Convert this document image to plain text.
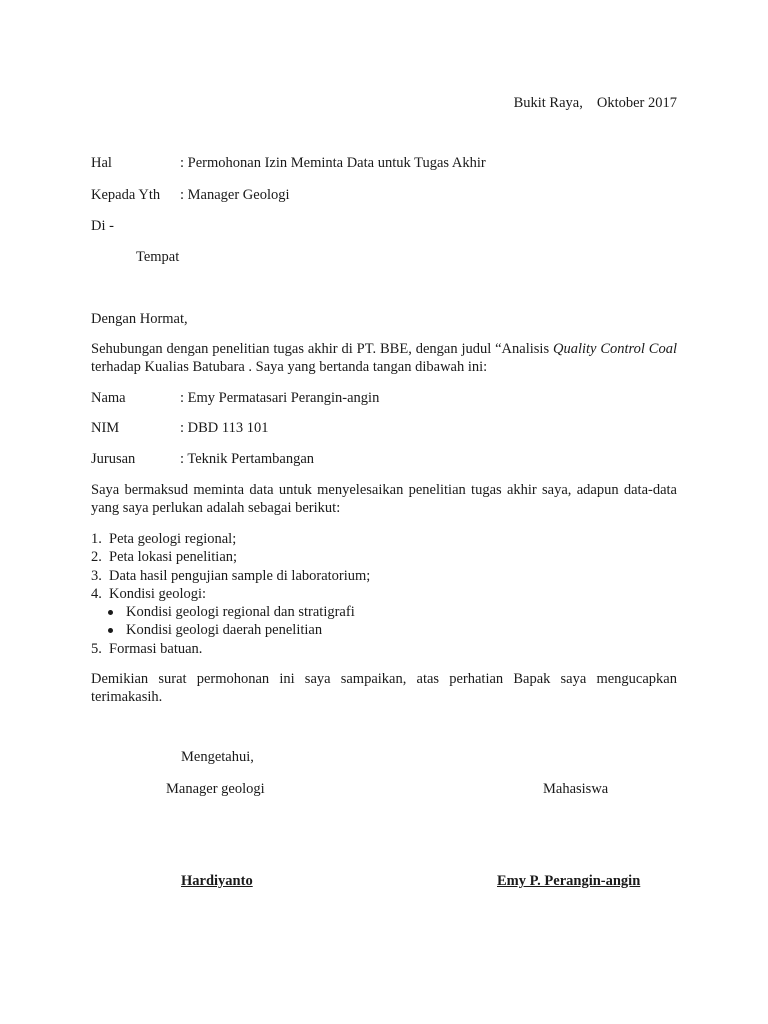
Bukit Raya, Oktober 2017
Hal	: Permohonan Izin Meminta Data untuk Tugas Akhir
Kepada Yth : Manager Geologi
Di -
Tempat
Dengan Hormat,
Sehubungan dengan penelitian tugas akhir di PT. BBE, dengan judul “Analisis Quality Control Coal terhadap Kualias Batubara . Saya yang bertanda tangan dibawah ini:
Nama	: Emy Permatasari Perangin-angin
NIM	: DBD 113 101
Jurusan	: Teknik Pertambangan
Saya bermaksud meminta data untuk menyelesaikan penelitian tugas akhir saya, adapun data-data yang saya perlukan adalah sebagai berikut:
1. Peta geologi regional;
2. Peta lokasi penelitian;
3. Data hasil pengujian sample di laboratorium;
4. Kondisi geologi:
Kondisi geologi regional dan stratigrafi
Kondisi geologi daerah penelitian
5. Formasi batuan.
Demikian surat permohonan ini saya sampaikan, atas perhatian Bapak saya mengucapkan terimakasih.
Mengetahui,
Manager geologi	Mahasiswa
Hardiyanto	Emy P. Perangin-angin
